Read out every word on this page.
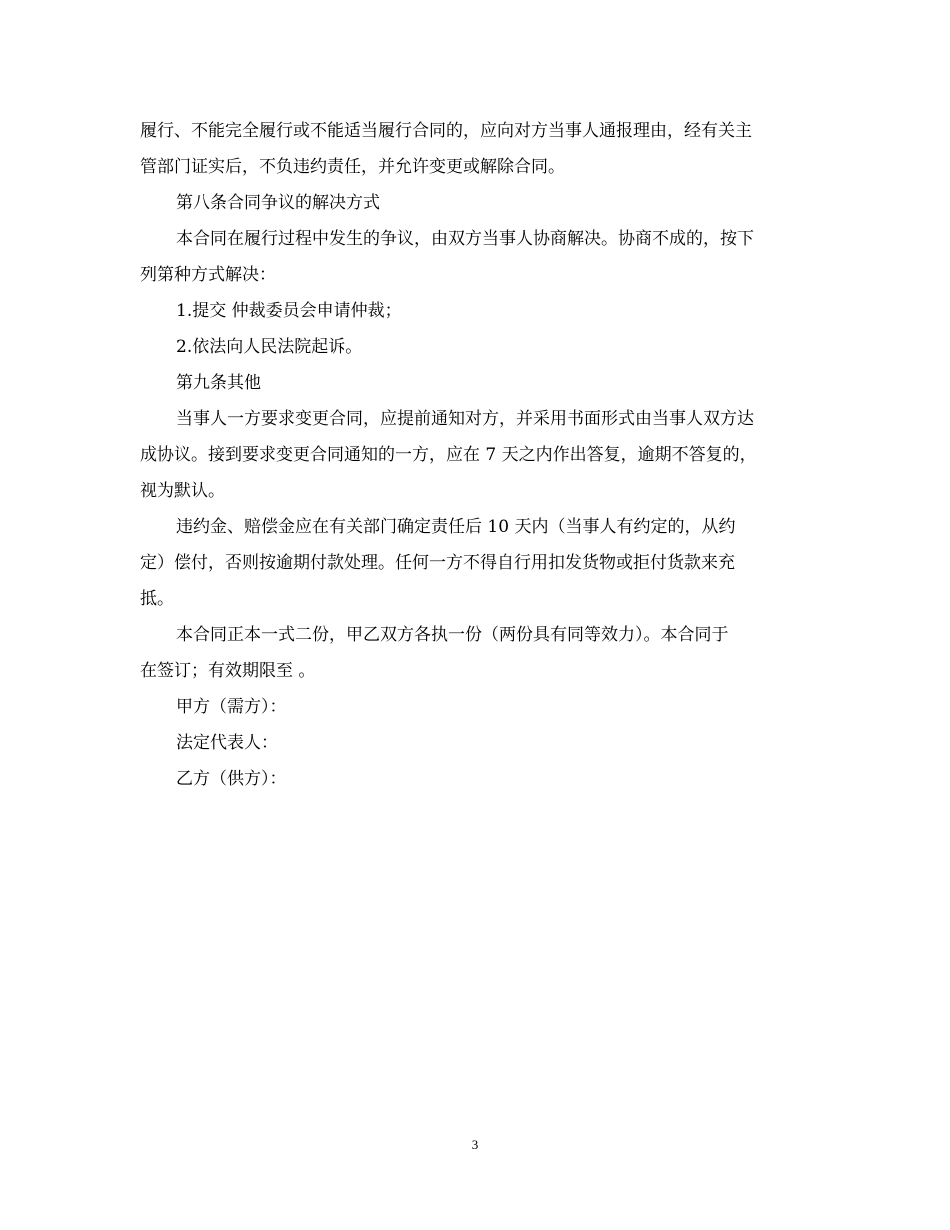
履行、不能完全履行或不能适当履行合同的，应向对方当事人通报理由，经有关主
管部门证实后，不负违约责任，并允许变更或解除合同。
第八条合同争议的解决方式
本合同在履行过程中发生的争议，由双方当事人协商解决。协商不成的，按下
列第种方式解决：
1.提交 仲裁委员会申请仲裁；
2.依法向人民法院起诉。
第九条其他
当事人一方要求变更合同，应提前通知对方，并采用书面形式由当事人双方达
成协议。接到要求变更合同通知的一方，应在 7 天之内作出答复，逾期不答复的，
视为默认。
违约金、赔偿金应在有关部门确定责任后 10 天内（当事人有约定的，从约
定）偿付，否则按逾期付款处理。任何一方不得自行用扣发货物或拒付货款来充
抵。
本合同正本一式二份，甲乙双方各执一份（两份具有同等效力）。本合同于
在签订；有效期限至 。
甲方（需方）：
法定代表人：
乙方（供方）：
3
